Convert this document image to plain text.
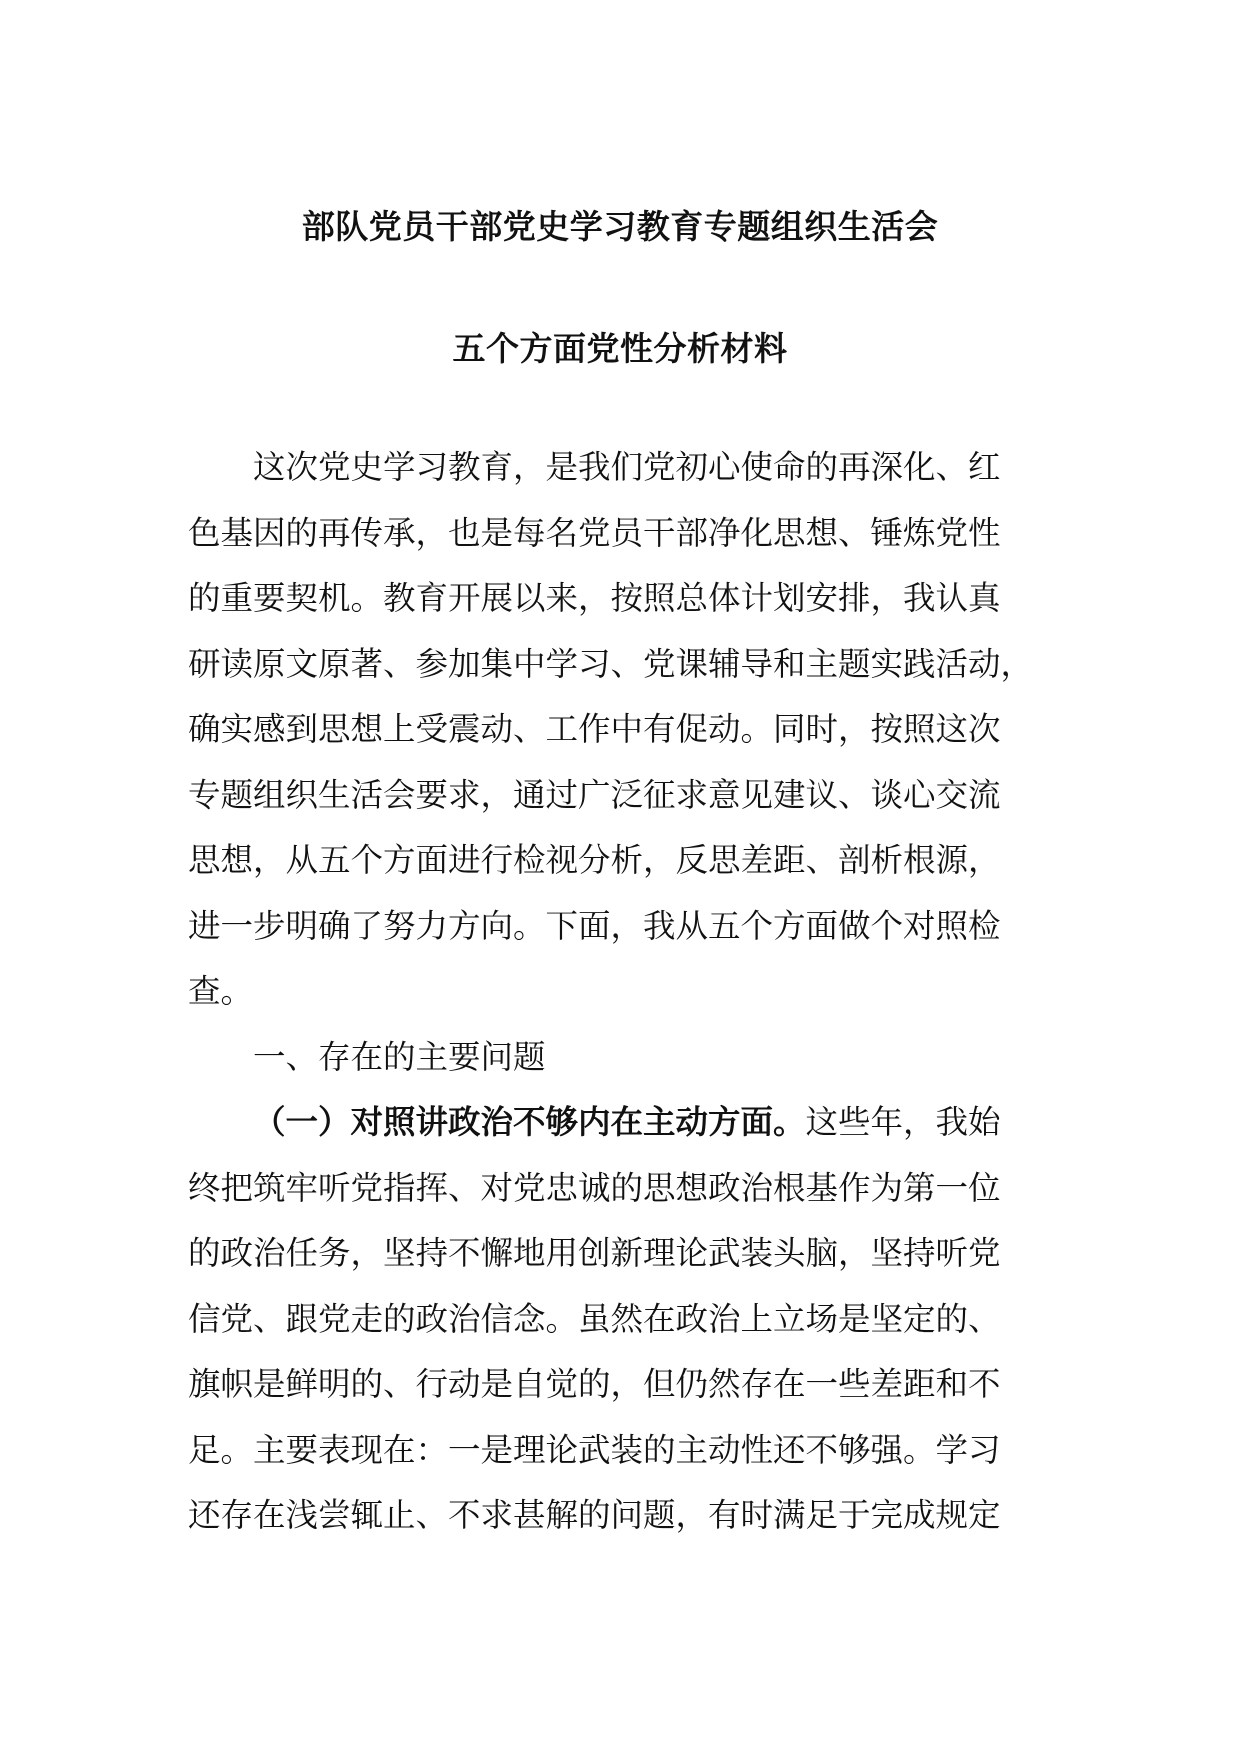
部队党员干部党史学习教育专题组织生活会
五个方面党性分析材料
这次党史学习教育，是我们党初心使命的再深化、红
色基因的再传承，也是每名党员干部净化思想、锤炼党性
的重要契机。教育开展以来，按照总体计划安排，我认真
研读原文原著、参加集中学习、党课辅导和主题实践活动，
确实感到思想上受震动、工作中有促动。同时，按照这次
专题组织生活会要求，通过广泛征求意见建议、谈心交流
思想，从五个方面进行检视分析，反思差距、剖析根源，
进一步明确了努力方向。下面，我从五个方面做个对照检
查。
一、存在的主要问题
（一）对照讲政治不够内在主动方面。这些年，我始
终把筑牢听党指挥、对党忠诚的思想政治根基作为第一位
的政治任务，坚持不懈地用创新理论武装头脑，坚持听党
信党、跟党走的政治信念。虽然在政治上立场是坚定的、
旗帜是鲜明的、行动是自觉的，但仍然存在一些差距和不
足。主要表现在：一是理论武装的主动性还不够强。学习
还存在浅尝辄止、不求甚解的问题，有时满足于完成规定
